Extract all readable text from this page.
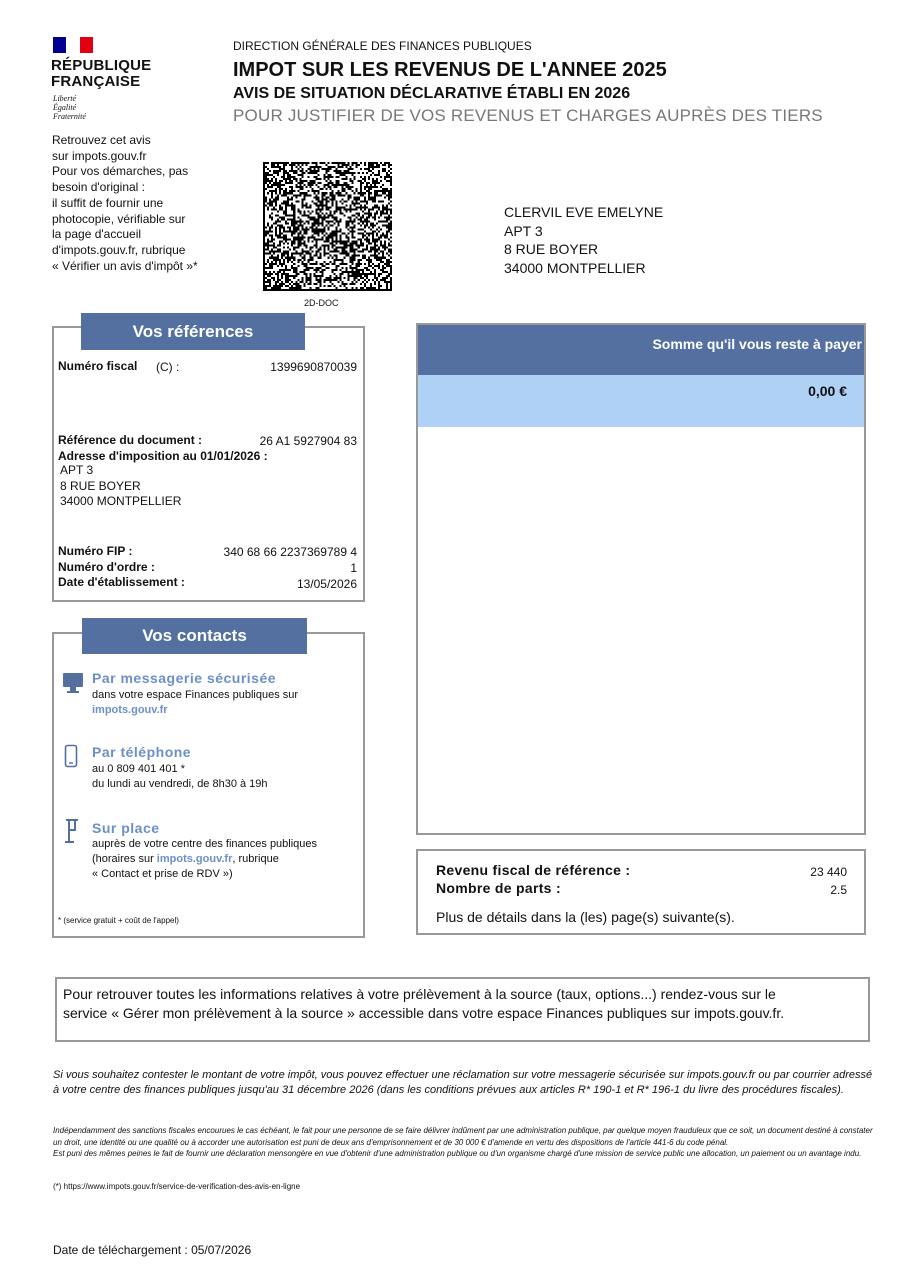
RÉPUBLIQUE
FRANÇAISE
Liberté
Égalité
Fraternité
DIRECTION GÉNÉRALE DES FINANCES PUBLIQUES
IMPOT SUR LES REVENUS DE L'ANNEE 2025
AVIS DE SITUATION DÉCLARATIVE ÉTABLI EN 2026
POUR JUSTIFIER DE VOS REVENUS ET CHARGES AUPRÈS DES TIERS
Retrouvez cet avis
sur impots.gouv.fr
Pour vos démarches, pas
besoin d'original :
il suffit de fournir une
photocopie, vérifiable sur
la page d'accueil
d'impots.gouv.fr, rubrique
« Vérifier un avis d'impôt »*
2D-DOC
CLERVIL EVE EMELYNE
APT 3
8 RUE BOYER
34000 MONTPELLIER
Vos références
Numéro fiscal (C) :	1399690870039
Référence du document :	26 A1 5927904 83
Adresse d'imposition au 01/01/2026 :
APT 3
8 RUE BOYER
34000 MONTPELLIER
Numéro FIP :	340 68 66 2237369789 4
Numéro d'ordre :	1
Date d'établissement :	13/05/2026
Vos contacts
Par messagerie sécurisée
dans votre espace Finances publiques sur
impots.gouv.fr
Par téléphone
au 0 809 401 401 *
du lundi au vendredi, de 8h30 à 19h
Sur place
auprès de votre centre des finances publiques
(horaires sur impots.gouv.fr, rubrique
« Contact et prise de RDV »)
* (service gratuit + coût de l'appel)
Somme qu'il vous reste à payer
0,00 €
Revenu fiscal de référence :	23 440
Nombre de parts :	2.5
Plus de détails dans la (les) page(s) suivante(s).
Pour retrouver toutes les informations relatives à votre prélèvement à la source (taux, options...) rendez-vous sur le
service « Gérer mon prélèvement à la source » accessible dans votre espace Finances publiques sur impots.gouv.fr.
Si vous souhaitez contester le montant de votre impôt, vous pouvez effectuer une réclamation sur votre messagerie sécurisée sur impots.gouv.fr ou par courrier adressé à votre centre des finances publiques jusqu'au 31 décembre 2026 (dans les conditions prévues aux articles R* 190-1 et R* 196-1 du livre des procédures fiscales).
Indépendamment des sanctions fiscales encourues le cas échéant, le fait pour une personne de se faire délivrer indûment par une administration publique, par quelque moyen frauduleux que ce soit, un document destiné à constater un droit, une identité ou une qualité ou à accorder une autorisation est puni de deux ans d'emprisonnement et de 30 000 € d'amende en vertu des dispositions de l'article 441-6 du code pénal.
Est puni des mêmes peines le fait de fournir une déclaration mensongère en vue d'obtenir d'une administration publique ou d'un organisme chargé d'une mission de service public une allocation, un paiement ou un avantage indu.
(*) https://www.impots.gouv.fr/service-de-verification-des-avis-en-ligne
Date de téléchargement : 05/07/2026
